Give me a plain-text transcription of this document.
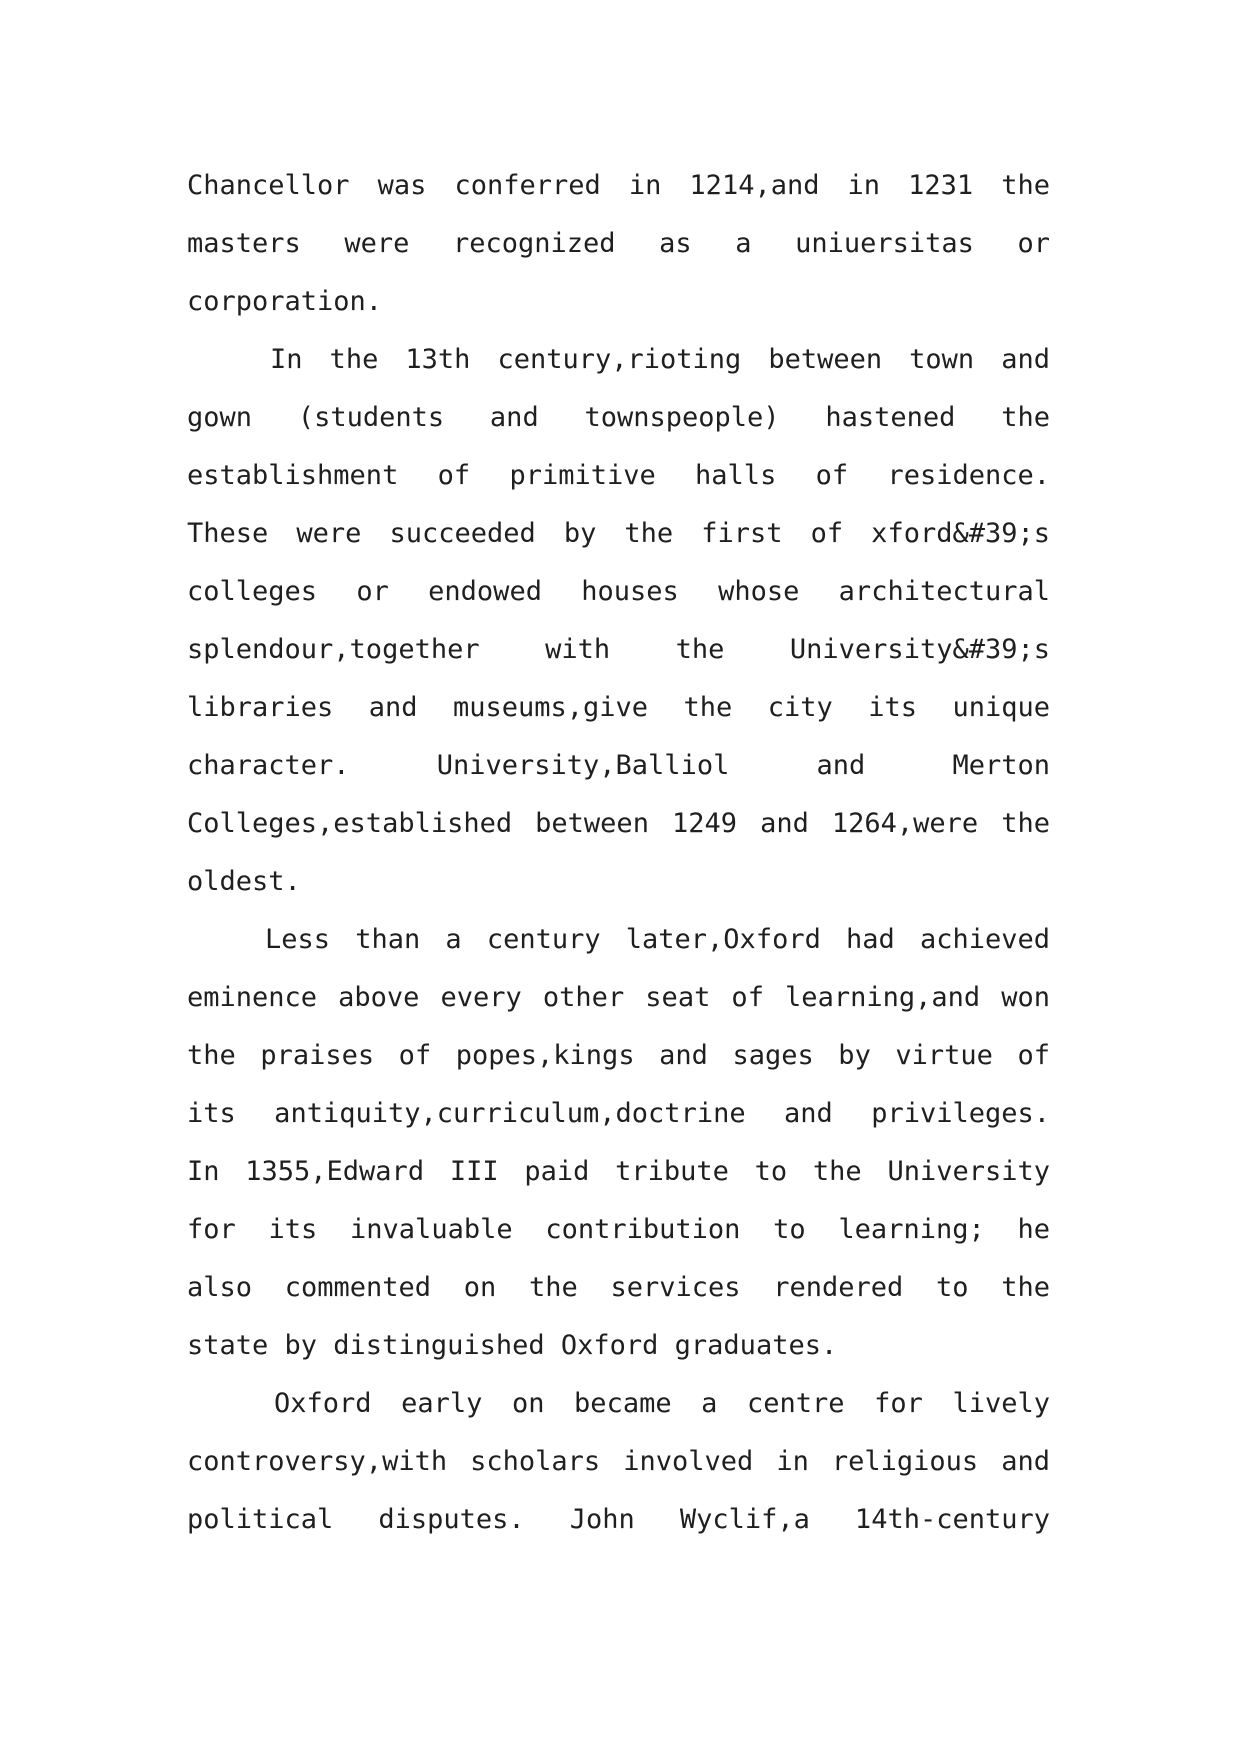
Chancellor was conferred in 1214,and in 1231 the
masters were recognized as a uniuersitas or
corporation.
In the 13th century,rioting between town and
gown (students and townspeople) hastened the
establishment of primitive halls of residence.
These were succeeded by the first of xford&#39;s
colleges or endowed houses whose architectural
splendour,together with the University&#39;s
libraries and museums,give the city its unique
character. University,Balliol and Merton
Colleges,established between 1249 and 1264,were the
oldest.
Less than a century later,Oxford had achieved
eminence above every other seat of learning,and won
the praises of popes,kings and sages by virtue of
its antiquity,curriculum,doctrine and privileges.
In 1355,Edward III paid tribute to the University
for its invaluable contribution to learning; he
also commented on the services rendered to the
state by distinguished Oxford graduates.
Oxford early on became a centre for lively
controversy,with scholars involved in religious and
political disputes. John Wyclif,a 14th-century
